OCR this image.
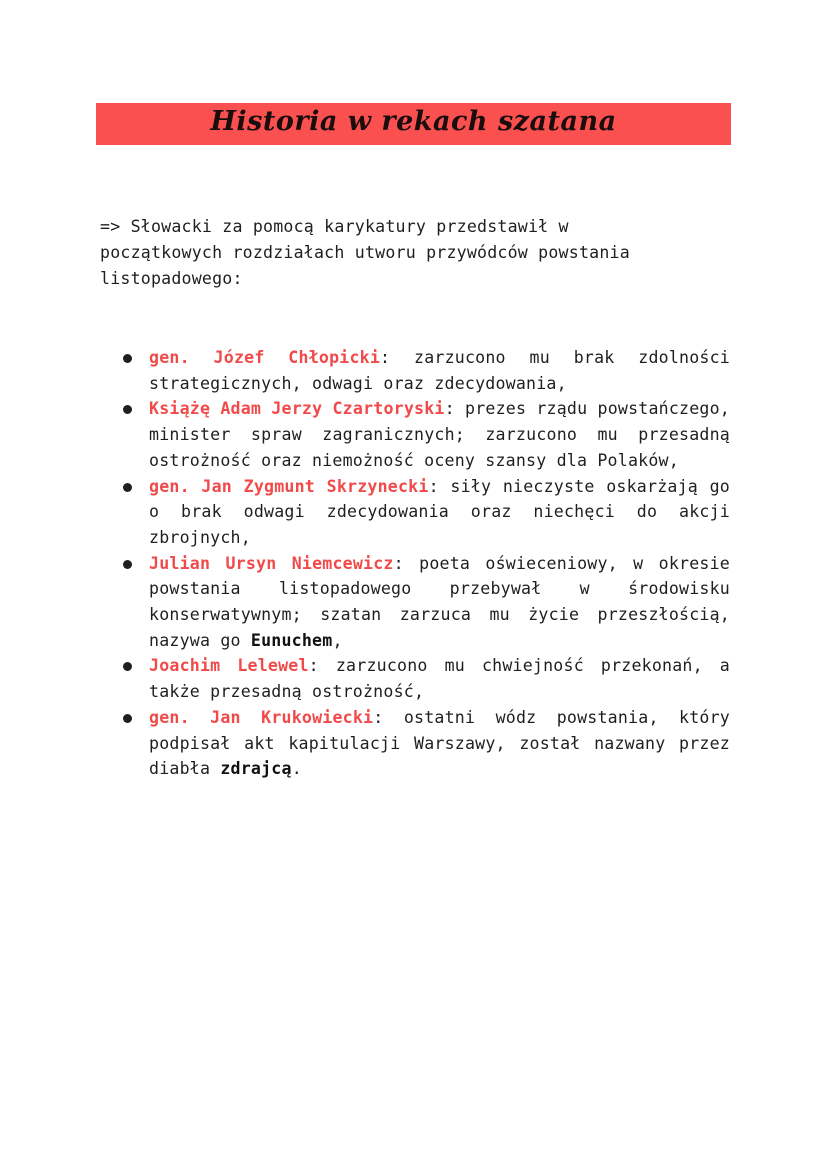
Historia w rekach szatana

=> Słowacki za pomocą karykatury przedstawił w
początkowych rozdziałach utworu przywódców powstania
listopadowego:

gen. Józef Chłopicki: zarzucono mu brak zdolności strategicznych, odwagi oraz zdecydowania,
Książę Adam Jerzy Czartoryski: prezes rządu powstańczego, minister spraw zagranicznych; zarzucono mu przesadną ostrożność oraz niemożność oceny szansy dla Polaków,
gen. Jan Zygmunt Skrzynecki: siły nieczyste oskarżają go o brak odwagi zdecydowania oraz niechęci do akcji zbrojnych,
Julian Ursyn Niemcewicz: poeta oświeceniowy, w okresie powstania listopadowego przebywał w środowisku konserwatywnym; szatan zarzuca mu życie przeszłością, nazywa go Eunuchem,
Joachim Lelewel: zarzucono mu chwiejność przekonań, a także przesadną ostrożność,
gen. Jan Krukowiecki: ostatni wódz powstania, który podpisał akt kapitulacji Warszawy, został nazwany przez diabła zdrajcą.
